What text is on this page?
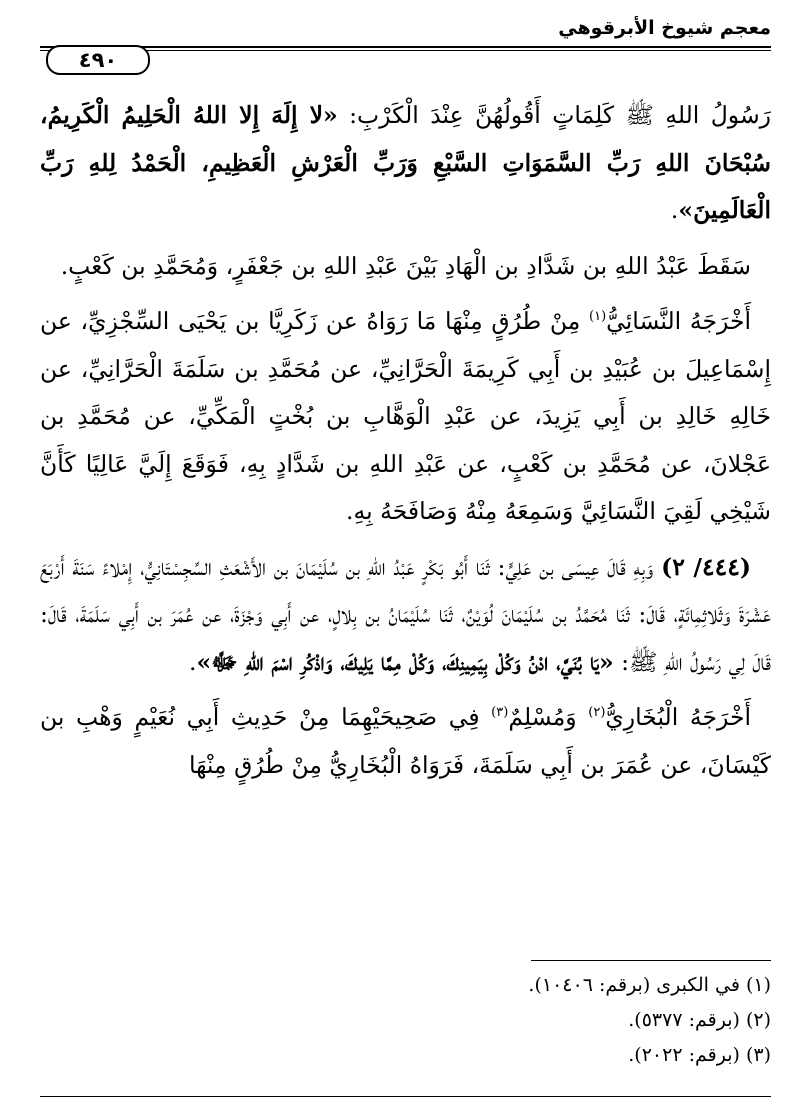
معجم شيوخ الأبرقوهي
٤٩٠

رَسُولُ اللهِ ﷺ كَلِمَاتٍ أَقُولُهُنَّ عِنْدَ الْكَرْبِ: «لا إِلَهَ إِلا اللهُ الْحَلِيمُ الْكَرِيمُ، سُبْحَانَ اللهِ رَبِّ السَّمَوَاتِ السَّبْعِ وَرَبِّ الْعَرْشِ الْعَظِيمِ، الْحَمْدُ لِلهِ رَبِّ الْعَالَمِينَ».

سَقَطَ عَبْدُ اللهِ بن شَدَّادِ بن الْهَادِ بَيْنَ عَبْدِ اللهِ بن جَعْفَرٍ، وَمُحَمَّدِ بن كَعْبٍ.

أَخْرَجَهُ النَّسَائِيُّ$^{(١)}$ مِنْ طُرُقٍ مِنْهَا مَا رَوَاهُ عن زَكَرِيَّا بن يَحْيَى السِّجْزِيِّ، عن إِسْمَاعِيلَ بن عُبَيْدِ بن أَبِي كَرِيمَةَ الْحَرَّانِيِّ، عن مُحَمَّدِ بن سَلَمَةَ الْحَرَّانِيِّ، عن خَالِهِ خَالِدِ بن أَبِي يَزِيدَ، عن عَبْدِ الْوَهَّابِ بن بُخْتٍ الْمَكِّيِّ، عن مُحَمَّدِ بن عَجْلانَ، عن مُحَمَّدِ بن كَعْبٍ، عن عَبْدِ اللهِ بن شَدَّادٍ بِهِ، فَوَقَعَ إِلَيَّ عَالِيًا كَأَنَّ شَيْخِي لَقِيَ النَّسَائِيَّ وَسَمِعَهُ مِنْهُ وَصَافَحَهُ بِهِ.

(٤٤٤/ ٢) وَبِهِ قَالَ عِيسَى بن عَلِيٍّ: ثَنَا أَبُو بَكْرٍ عَبْدُ اللهِ بن سُلَيْمَانَ بن الأَشْعَثِ السِّجِسْتَانِيُّ، إِمْلاءً سَنَةَ أَرْبَعَ عَشْرَةَ وَثَلاثِمِائَةٍ، قَالَ: ثَنَا مُحَمَّدُ بن سُلَيْمَانَ لُوَيْنٌ، ثَنَا سُلَيْمَانُ بن بِلالٍ، عن أَبِي وَجْزَةَ، عن عُمَرَ بن أَبِي سَلَمَةَ، قَالَ: قَالَ لِي رَسُولُ اللهِ ﷺ: «يَا بُنَيَّ، ادْنُ وَكُلْ بِيَمِينِكَ، وَكُلْ مِمَّا يَلِيكَ، وَاذْكُرِ اسْمَ اللهِ ﷻ».

أَخْرَجَهُ الْبُخَارِيُّ$^{(٢)}$ وَمُسْلِمٌ$^{(٣)}$ فِي صَحِيحَيْهِمَا مِنْ حَدِيثِ أَبِي نُعَيْمٍ وَهْبِ بن كَيْسَانَ، عن عُمَرَ بن أَبِي سَلَمَةَ، فَرَوَاهُ الْبُخَارِيُّ مِنْ طُرُقٍ مِنْهَا

(١) في الكبرى (برقم: ١٠٤٠٦).

(٢) (برقم: ٥٣٧٧).

(٣) (برقم: ٢٠٢٢).
